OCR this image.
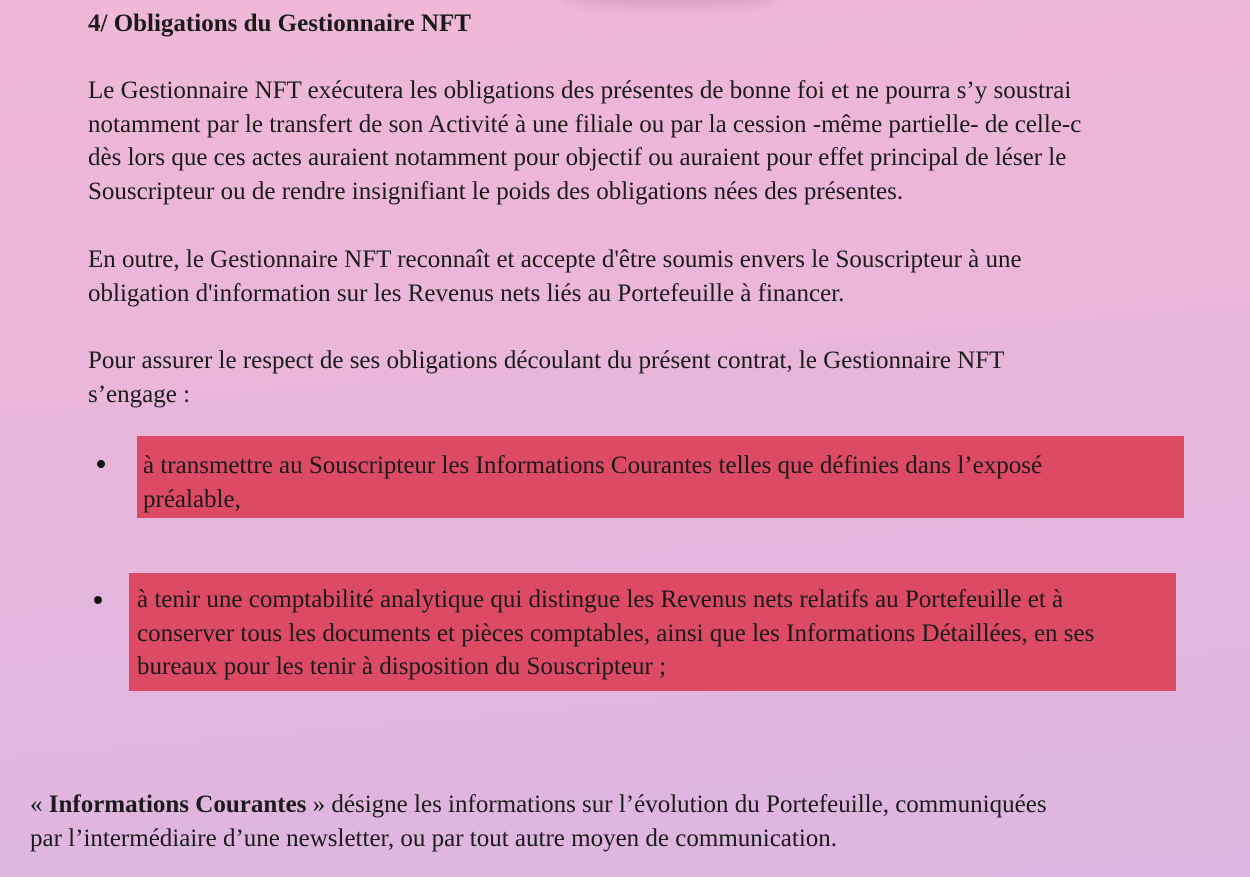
4/ Obligations du Gestionnaire NFT

Le Gestionnaire NFT exécutera les obligations des présentes de bonne foi et ne pourra s’y soustrai
notamment par le transfert de son Activité à une filiale ou par la cession -même partielle- de celle-c
dès lors que ces actes auraient notamment pour objectif ou auraient pour effet principal de léser le
Souscripteur ou de rendre insignifiant le poids des obligations nées des présentes.

En outre, le Gestionnaire NFT reconnaît et accepte d'être soumis envers le Souscripteur à une
obligation d'information sur les Revenus nets liés au Portefeuille à financer.

Pour assurer le respect de ses obligations découlant du présent contrat, le Gestionnaire NFT
s’engage :

à transmettre au Souscripteur les Informations Courantes telles que définies dans l’exposé
préalable,
à tenir une comptabilité analytique qui distingue les Revenus nets relatifs au Portefeuille et à
conserver tous les documents et pièces comptables, ainsi que les Informations Détaillées, en ses
bureaux pour les tenir à disposition du Souscripteur ;
« Informations Courantes » désigne les informations sur l’évolution du Portefeuille, communiquées
par l’intermédiaire d’une newsletter, ou par tout autre moyen de communication.
